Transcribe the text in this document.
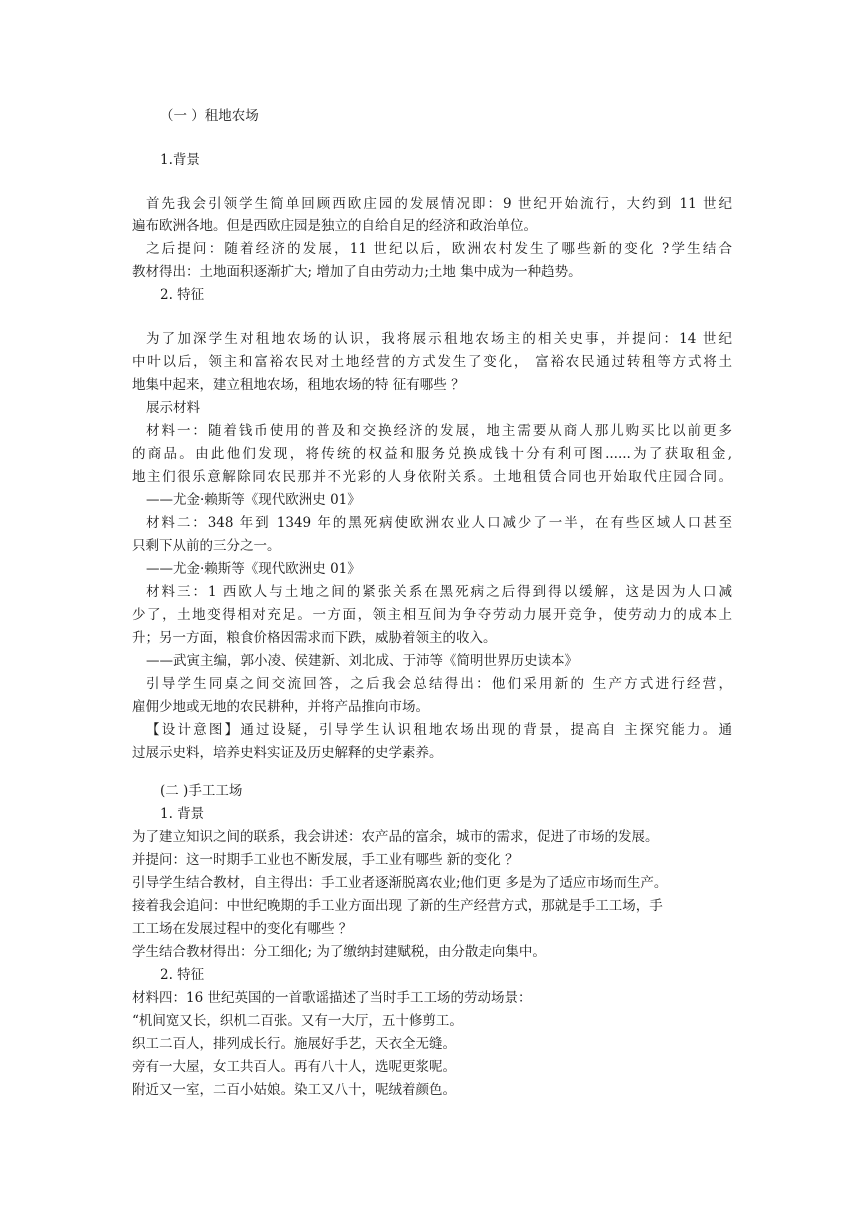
（一 ）租地农场
1.背景
首先我会引领学生简单回顾西欧庄园的发展情况即：9 世纪开始流行，大约到 11 世纪
遍布欧洲各地。但是西欧庄园是独立的自给自足的经济和政治单位。
之后提问：随着经济的发展，11 世纪以后，欧洲农村发生了哪些新的变化 ?学生结合
教材得出：土地面积逐渐扩大; 增加了自由劳动力;土地 集中成为一种趋势。
2. 特征
为了加深学生对租地农场的认识，我将展示租地农场主的相关史事，并提问：14 世纪
中叶以后，领主和富裕农民对土地经营的方式发生了变化， 富裕农民通过转租等方式将土
地集中起来，建立租地农场，租地农场的特 征有哪些 ？
展示材料
材料一：随着钱币使用的普及和交换经济的发展，地主需要从商人那儿购买比以前更多
的商品。由此他们发现，将传统的权益和服务兑换成钱十分有利可图......为了获取租金,
地主们很乐意解除同农民那并不光彩的人身依附关系。土地租赁合同也开始取代庄园合同。
——尤金·赖斯等《现代欧洲史 01》
材料二：348 年到 1349 年的黑死病使欧洲农业人口减少了一半，在有些区域人口甚至
只剩下从前的三分之一。
——尤金·赖斯等《现代欧洲史 01》
材料三：1 西欧人与土地之间的紧张关系在黑死病之后得到得以缓解，这是因为人口减
少了，土地变得相对充足。一方面，领主相互间为争夺劳动力展开竞争，使劳动力的成本上
升；另一方面，粮食价格因需求而下跌，威胁着领主的收入。
——武寅主编，郭小凌、侯建新、刘北成、于沛等《简明世界历史读本》
引导学生同桌之间交流回答，之后我会总结得出：他们采用新的 生产方式进行经营，
雇佣少地或无地的农民耕种，并将产品推向市场。
【设计意图】通过设疑，引导学生认识租地农场出现的背景，提高自 主探究能力。通
过展示史料，培养史料实证及历史解释的史学素养。
(二 )手工工场
1. 背景
为了建立知识之间的联系，我会讲述：农产品的富余，城市的需求，促进了市场的发展。
并提问：这一时期手工业也不断发展，手工业有哪些 新的变化 ？
引导学生结合教材，自主得出：手工业者逐渐脱离农业;他们更 多是为了适应市场而生产。
接着我会追问：中世纪晚期的手工业方面出现 了新的生产经营方式，那就是手工工场，手
工工场在发展过程中的变化有哪些 ？
学生结合教材得出：分工细化; 为了缴纳封建赋税，由分散走向集中。
2. 特征
材料四：16 世纪英国的一首歌谣描述了当时手工工场的劳动场景：
“机间宽又长，织机二百张。又有一大厅，五十修剪工。
织工二百人，排列成长行。施展好手艺，天衣全无缝。
旁有一大屋，女工共百人。再有八十人，选呢更浆呢。
附近又一室，二百小姑娘。染工又八十，呢绒着颜色。
